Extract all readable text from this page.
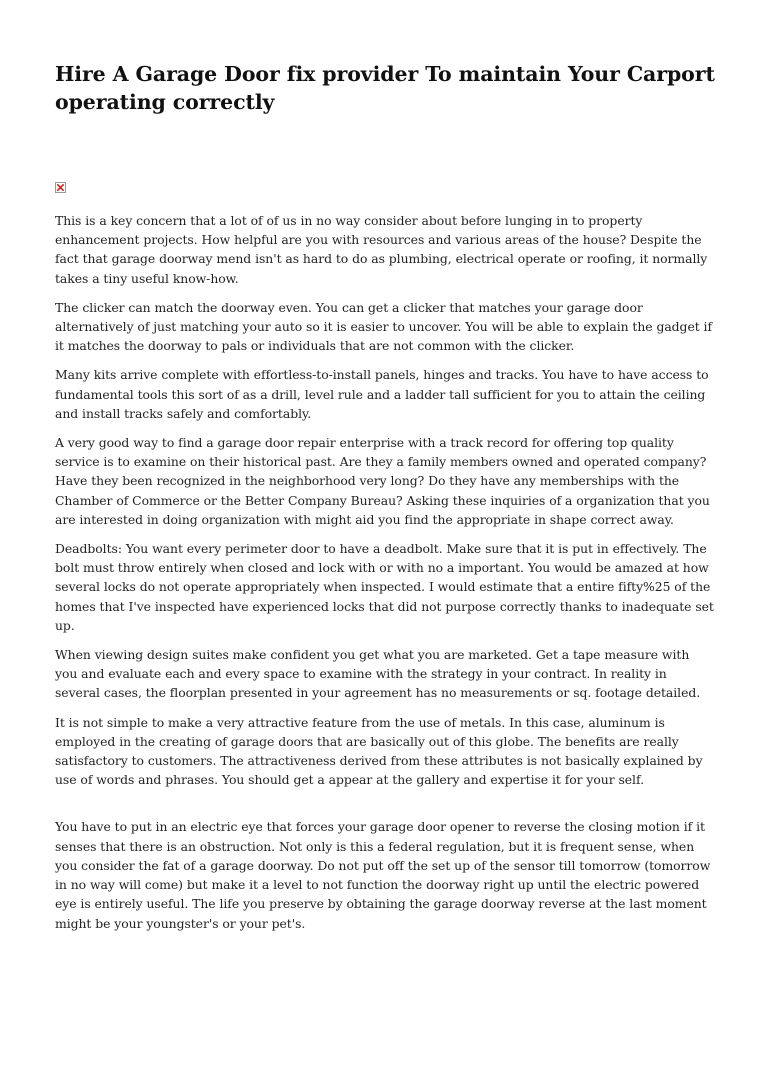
Hire A Garage Door fix provider To maintain Your Carport operating correctly

This is a key concern that a lot of of us in no way consider about before lunging in to property enhancement projects. How helpful are you with resources and various areas of the house? Despite the fact that garage doorway mend isn't as hard to do as plumbing, electrical operate or roofing, it normally takes a tiny useful know-how.

The clicker can match the doorway even. You can get a clicker that matches your garage door alternatively of just matching your auto so it is easier to uncover. You will be able to explain the gadget if it matches the doorway to pals or individuals that are not common with the clicker.

Many kits arrive complete with effortless-to-install panels, hinges and tracks. You have to have access to fundamental tools this sort of as a drill, level rule and a ladder tall sufficient for you to attain the ceiling and install tracks safely and comfortably.

A very good way to find a garage door repair enterprise with a track record for offering top quality service is to examine on their historical past. Are they a family members owned and operated company? Have they been recognized in the neighborhood very long? Do they have any memberships with the Chamber of Commerce or the Better Company Bureau? Asking these inquiries of a organization that you are interested in doing organization with might aid you find the appropriate in shape correct away.

Deadbolts: You want every perimeter door to have a deadbolt. Make sure that it is put in effectively. The bolt must throw entirely when closed and lock with or with no a important. You would be amazed at how several locks do not operate appropriately when inspected. I would estimate that a entire fifty%25 of the homes that I've inspected have experienced locks that did not purpose correctly thanks to inadequate set up.

When viewing design suites make confident you get what you are marketed. Get a tape measure with you and evaluate each and every space to examine with the strategy in your contract. In reality in several cases, the floorplan presented in your agreement has no measurements or sq. footage detailed.

It is not simple to make a very attractive feature from the use of metals. In this case, aluminum is employed in the creating of garage doors that are basically out of this globe. The benefits are really satisfactory to customers. The attractiveness derived from these attributes is not basically explained by use of words and phrases. You should get a appear at the gallery and expertise it for your self.

You have to put in an electric eye that forces your garage door opener to reverse the closing motion if it senses that there is an obstruction. Not only is this a federal regulation, but it is frequent sense, when you consider the fat of a garage doorway. Do not put off the set up of the sensor till tomorrow (tomorrow in no way will come) but make it a level to not function the doorway right up until the electric powered eye is entirely useful. The life you preserve by obtaining the garage doorway reverse at the last moment might be your youngster's or your pet's.
